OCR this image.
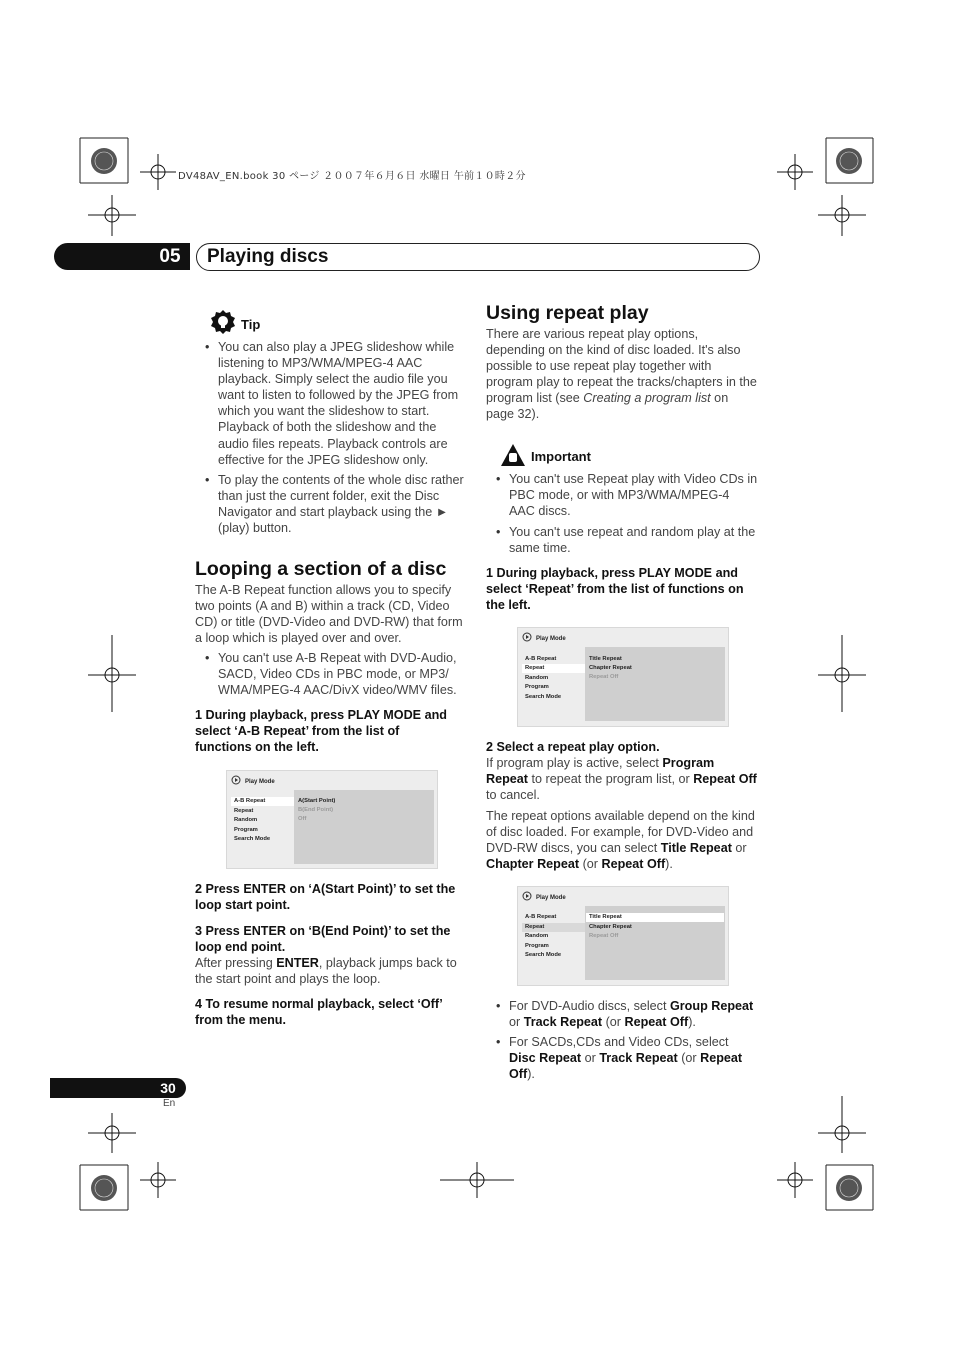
DV48AV_EN.book 30 ページ ２００７年６月６日 水曜日 午前１０時２分
05	Playing discs
Tip
• You can also play a JPEG slideshow while listening to MP3/WMA/MPEG-4 AAC playback. Simply select the audio file you want to listen to followed by the JPEG from which you want the slideshow to start. Playback of both the slideshow and the audio files repeats. Playback controls are effective for the JPEG slideshow only.
• To play the contents of the whole disc rather than just the current folder, exit the Disc Navigator and start playback using the ► (play) button.
Looping a section of a disc
The A-B Repeat function allows you to specify two points (A and B) within a track (CD, Video CD) or title (DVD-Video and DVD-RW) that form a loop which is played over and over.
• You can't use A-B Repeat with DVD-Audio, SACD, Video CDs in PBC mode, or MP3/ WMA/MPEG-4 AAC/DivX video/WMV files.
1 During playback, press PLAY MODE and select ‘A-B Repeat’ from the list of functions on the left.
Play Mode
A-B Repeat
Repeat
Random
Program
Search Mode
A(Start Point)
B(End Point)
Off
2 Press ENTER on ‘A(Start Point)’ to set the loop start point.
3 Press ENTER on ‘B(End Point)’ to set the loop end point.
After pressing ENTER, playback jumps back to the start point and plays the loop.
4 To resume normal playback, select ‘Off’ from the menu.
Using repeat play
There are various repeat play options, depending on the kind of disc loaded. It's also possible to use repeat play together with program play to repeat the tracks/chapters in the program list (see Creating a program list on page 32).
Important
• You can't use Repeat play with Video CDs in PBC mode, or with MP3/WMA/MPEG-4 AAC discs.
• You can't use repeat and random play at the same time.
1 During playback, press PLAY MODE and select ‘Repeat’ from the list of functions on the left.
Play Mode
A-B Repeat
Repeat
Random
Program
Search Mode
Title Repeat
Chapter Repeat
Repeat Off
2 Select a repeat play option.
If program play is active, select Program Repeat to repeat the program list, or Repeat Off to cancel.
The repeat options available depend on the kind of disc loaded. For example, for DVD-Video and DVD-RW discs, you can select Title Repeat or Chapter Repeat (or Repeat Off).
Play Mode
A-B Repeat
Repeat
Random
Program
Search Mode
Title Repeat
Chapter Repeat
Repeat Off
• For DVD-Audio discs, select Group Repeat or Track Repeat (or Repeat Off).
• For SACDs,CDs and Video CDs, select Disc Repeat or Track Repeat (or Repeat Off).
30
En
